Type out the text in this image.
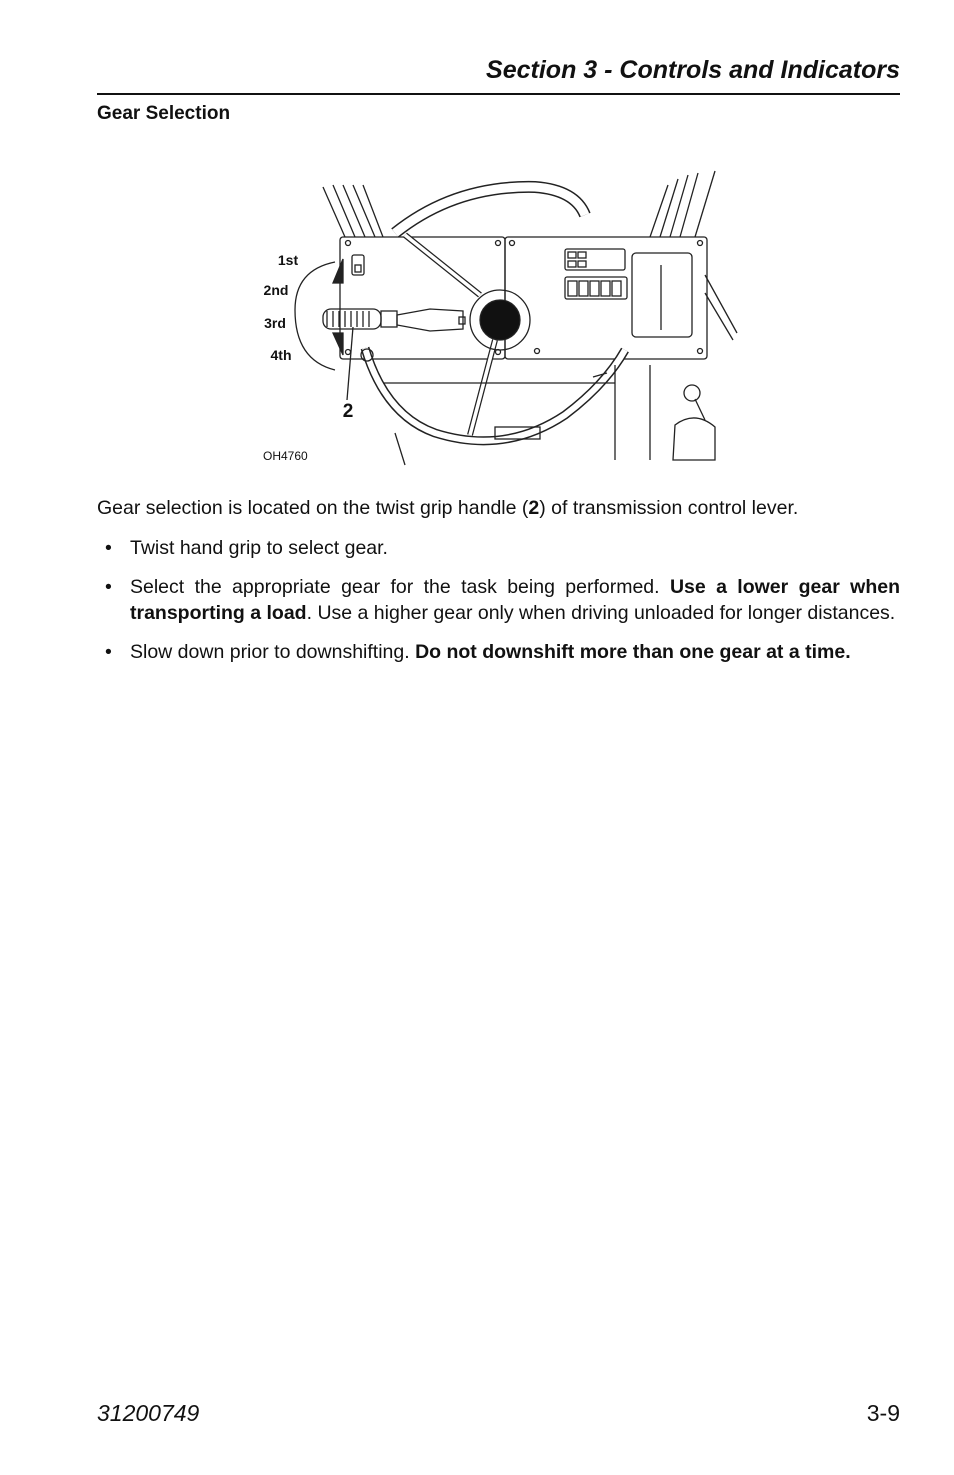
Section 3 - Controls and Indicators
Gear Selection
1st
2nd
3rd
4th
2
OH4760

Gear selection is located on the twist grip handle (2) of transmission control lever.

• Twist hand grip to select gear.
• Select the appropriate gear for the task being performed. Use a lower gear when transporting a load. Use a higher gear only when driving unloaded for longer distances.
• Slow down prior to downshifting. Do not downshift more than one gear at a time.
31200749	3-9
